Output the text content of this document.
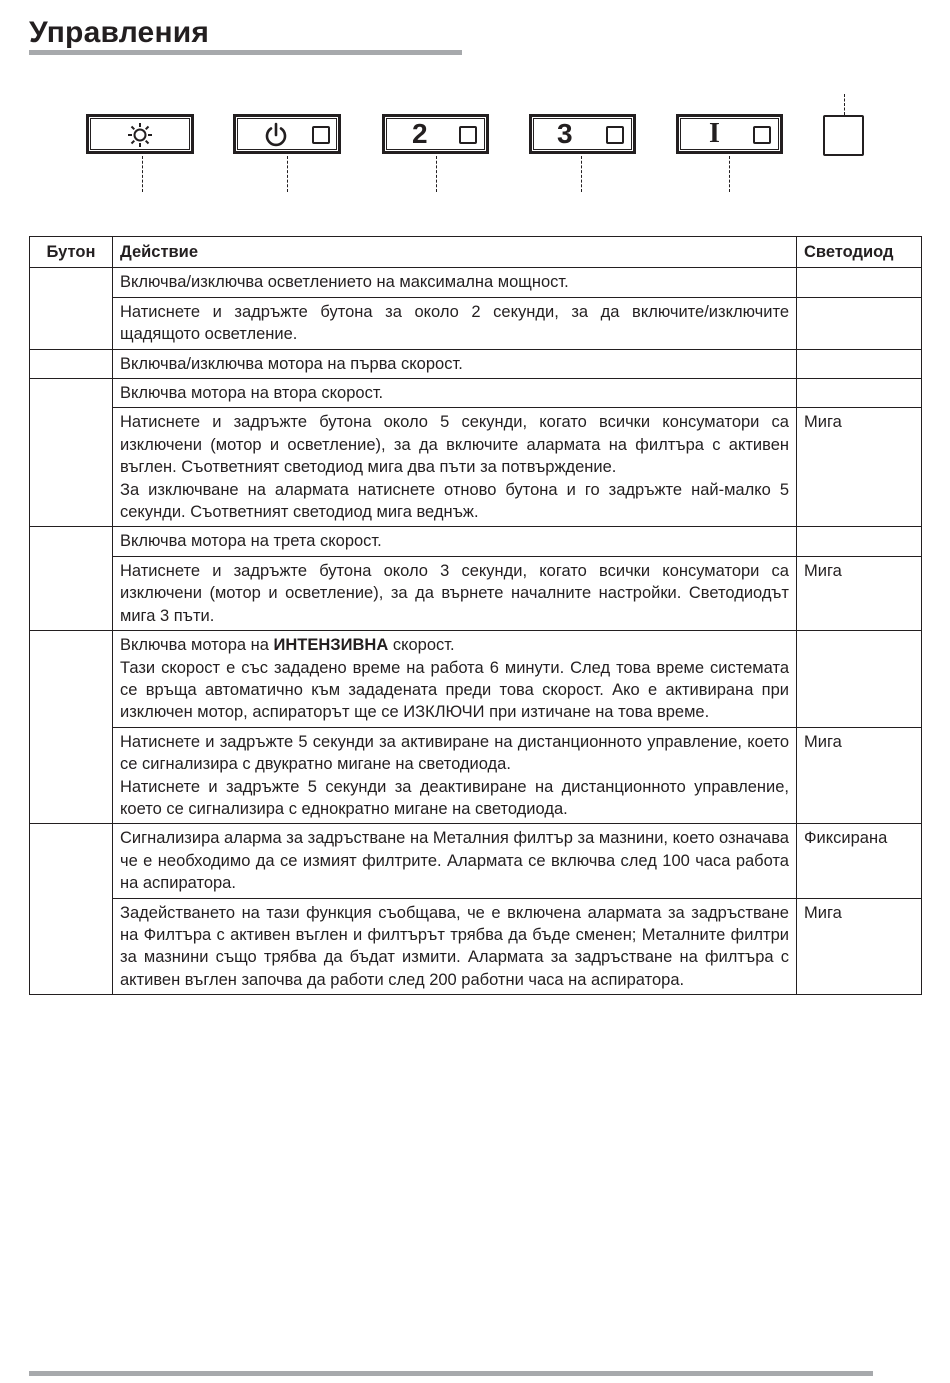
Управления
2	3	I
Бутон	Действие	Светодиод
	Включва/изключва осветлението на максимална мощност.	
	Натиснете и задръжте бутона за около 2 секунди, за да включите/изключите щадящото осветление.	
	Включва/изключва мотора на първа скорост.	
	Включва мотора на втора скорост.	

	Натиснете и задръжте бутона около 5 секунди, когато всички консуматори са изключени (мотор и осветление), за да включите алармата на филтъра с активен въглен. Съответният светодиод мига два пъти за потвърждение.
За изключване на алармата натиснете отново бутона и го задръжте най-малко 5 секунди. Съответният светодиод мига веднъж.	Мига
	Включва мотора на трета скорост.	
	Натиснете и задръжте бутона около 3 секунди, когато всички консуматори са изключени (мотор и осветление), за да върнете началните настройки. Светодиодът       мига 3 пъти.	Мига
	Включва мотора на ИНТЕНЗИВНА скорост.
Тази скорост е със зададено време на работа 6 минути. След това време системата се връща автоматично към зададената преди това скорост. Ако е активирана при изключен мотор, аспираторът ще се ИЗКЛЮЧИ при изтичане на това време.	

	Натиснете и задръжте 5 секунди за активиране на дистанционното управление, което се сигнализира с двукратно мигане на светодиода.
Натиснете и задръжте 5 секунди за деактивиране на дистанционното управление, което се сигнализира с еднократно мигане на светодиода.	Мига
	Сигнализира аларма за задръстване на Металния филтър за мазнини, което означава че е необходимо да се измият филтрите. Алармата се включва след 100 часа работа на аспиратора.	Фиксирана
	Задействането на тази функция съобщава, че е включена алармата за задръстване на Филтъра с активен въглен и филтърът трябва да бъде сменен; Металните филтри за мазнини също трябва да бъдат измити. Алармата за задръстване на филтъра с активен въглен започва да работи след 200 работни часа на аспиратора.	Мига
